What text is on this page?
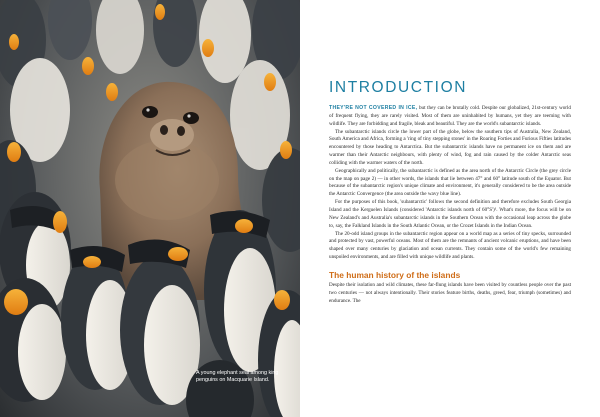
A young elephant seal among king penguins on Macquarie Island.
INTRODUCTION

THEY'RE NOT COVERED IN ICE, but they can be brutally cold. Despite our globalized, 21st-century world of frequent flying, they are rarely visited. Most of them are uninhabited by humans, yet they are teeming with wildlife. They are forbidding and fragile, bleak and beautiful. They are the world's subantarctic islands.

The subantarctic islands circle the lower part of the globe, below the southern tips of Australia, New Zealand, South America and Africa, forming a 'ring of tiny stepping stones' in the Roaring Forties and Furious Fifties latitudes encountered by those heading to Antarctica. But the subantarctic islands have no permanent ice on them and are warmer than their Antarctic neighbours, with plenty of wind, fog and rain caused by the colder Antarctic seas colliding with the warmer waters of the north.

Geographically and politically, the subantarctic is defined as the area north of the Antarctic Circle (the grey circle on the map on page 2) — in other words, the islands that lie between 47° and 60° latitude south of the Equator. But because of the subantarctic region's unique climate and environment, it's generally considered to be the area outside the Antarctic Convergence (the area outside the wavy blue line).

For the purposes of this book, 'subantarctic' follows the second definition and therefore excludes South Georgia Island and the Kerguelen Islands (considered 'Antarctic islands north of 60°S')¹. What's more, the focus will be on New Zealand's and Australia's subantarctic islands in the Southern Ocean with the occasional leap across the globe to, say, the Falkland Islands in the South Atlantic Ocean, or the Crozet Islands in the Indian Ocean.

The 20-odd island groups in the subantarctic region appear on a world map as a series of tiny specks, surrounded and protected by vast, powerful oceans. Most of them are the remnants of ancient volcanic eruptions, and have been shaped over many centuries by glaciation and ocean currents. They contain some of the world's few remaining unspoiled environments, and are filled with unique wildlife and plants.

The human history of the islands

Despite their isolation and wild climates, these far-flung islands have been visited by countless people over the past two centuries — not always intentionally. Their stories feature births, deaths, greed, fear, triumph (sometimes) and endurance. The
